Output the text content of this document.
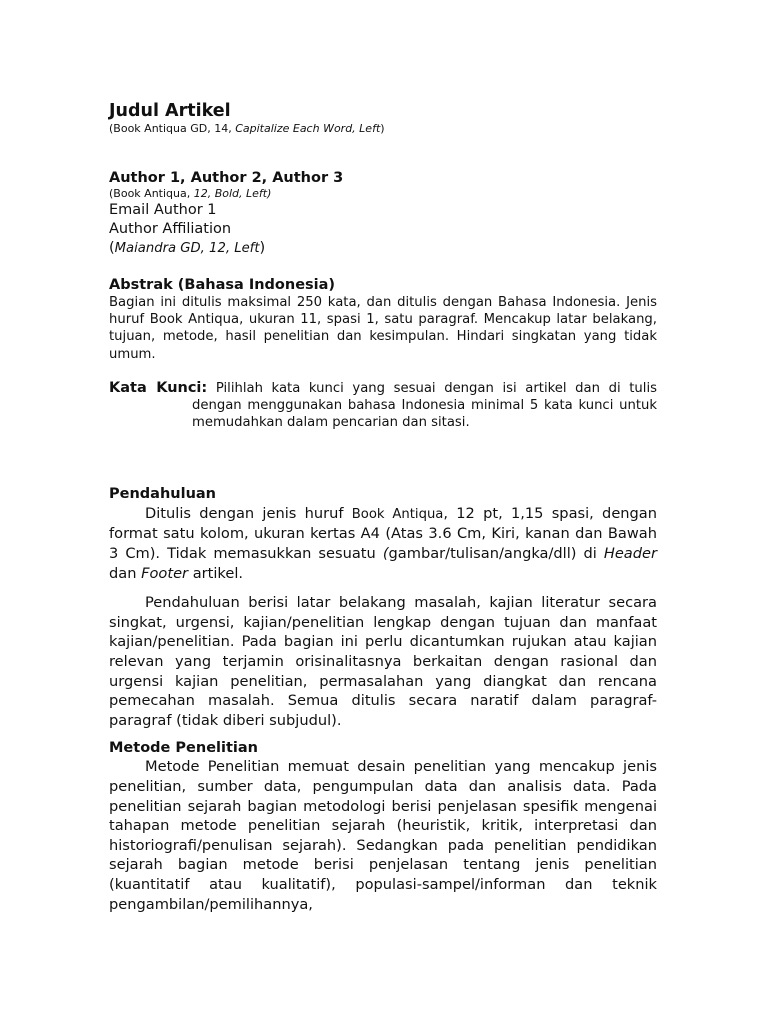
Judul Artikel
(Book Antiqua GD, 14, Capitalize Each Word, Left)
Author 1, Author 2, Author 3
(Book Antiqua, 12, Bold, Left)
Email Author 1
Author Affiliation
(Maiandra GD, 12, Left)
Abstrak (Bahasa Indonesia)

Bagian ini ditulis maksimal 250 kata, dan ditulis dengan Bahasa Indonesia. Jenis huruf Book Antiqua, ukuran 11, spasi 1, satu paragraf. Mencakup latar belakang, tujuan, metode, hasil penelitian dan kesimpulan. Hindari singkatan yang tidak umum.

Kata Kunci: Pilihlah kata kunci yang sesuai dengan isi artikel dan di tulis dengan menggunakan bahasa Indonesia minimal 5 kata kunci untuk memudahkan dalam pencarian dan sitasi.

Pendahuluan

Ditulis dengan jenis huruf Book Antiqua, 12 pt, 1,15 spasi, dengan format satu kolom, ukuran kertas A4 (Atas 3.6 Cm, Kiri, kanan dan Bawah 3 Cm). Tidak memasukkan sesuatu (gambar/tulisan/angka/dll) di Header dan Footer artikel.

Pendahuluan berisi latar belakang masalah, kajian literatur secara singkat, urgensi, kajian/penelitian lengkap dengan tujuan dan manfaat kajian/penelitian. Pada bagian ini perlu dicantumkan rujukan atau kajian relevan yang terjamin orisinalitasnya berkaitan dengan rasional dan urgensi kajian penelitian, permasalahan yang diangkat dan rencana pemecahan masalah. Semua ditulis secara naratif dalam paragraf-paragraf (tidak diberi subjudul).

Metode Penelitian

Metode Penelitian memuat desain penelitian yang mencakup jenis penelitian, sumber data, pengumpulan data dan analisis data. Pada penelitian sejarah bagian metodologi berisi penjelasan spesifik mengenai tahapan metode penelitian sejarah (heuristik, kritik, interpretasi dan historiografi/penulisan sejarah). Sedangkan pada penelitian pendidikan sejarah bagian metode berisi penjelasan tentang jenis penelitian (kuantitatif atau kualitatif), populasi-sampel/informan dan teknik pengambilan/pemilihannya,
